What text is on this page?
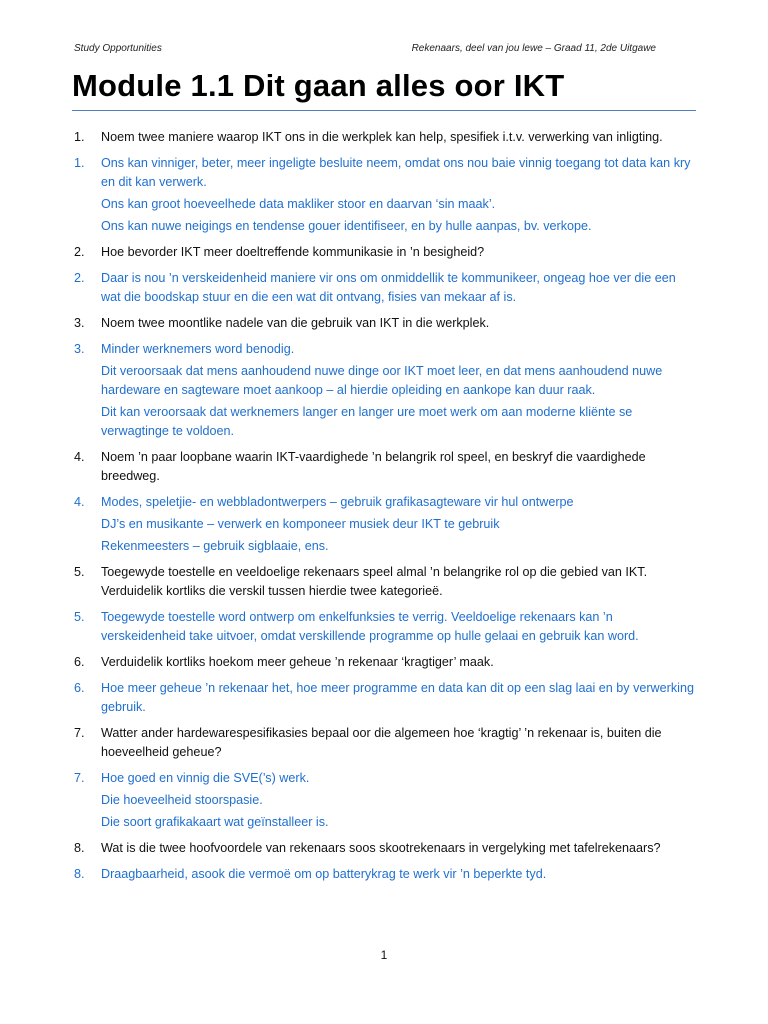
Study Opportunities	Rekenaars, deel van jou lewe – Graad 11, 2de Uitgawe
Module 1.1 Dit gaan alles oor IKT
1.	Noem twee maniere waarop IKT ons in die werkplek kan help, spesifiek i.t.v. verwerking van inligting.

1.	Ons kan vinniger, beter, meer ingeligte besluite neem, omdat ons nou baie vinnig toegang tot data kan kry en dit kan verwerk.

Ons kan groot hoeveelhede data makliker stoor en daarvan ‘sin maak’.

Ons kan nuwe neigings en tendense gouer identifiseer, en by hulle aanpas, bv. verkope.

2.	Hoe bevorder IKT meer doeltreffende kommunikasie in ’n besigheid?

2.	Daar is nou ’n verskeidenheid maniere vir ons om onmiddellik te kommunikeer, ongeag hoe ver die een wat die boodskap stuur en die een wat dit ontvang, fisies van mekaar af is.

3.	Noem twee moontlike nadele van die gebruik van IKT in die werkplek.

3.	Minder werknemers word benodig.

Dit veroorsaak dat mens aanhoudend nuwe dinge oor IKT moet leer, en dat mens aanhoudend nuwe hardeware en sagteware moet aankoop – al hierdie opleiding en aankope kan duur raak.

Dit kan veroorsaak dat werknemers langer en langer ure moet werk om aan moderne kliënte se verwagtinge te voldoen.

4.	Noem ’n paar loopbane waarin IKT-vaardighede ’n belangrik rol speel, en beskryf die vaardighede breedweg.

4.	Modes, speletjie- en webbladontwerpers – gebruik grafikasagteware vir hul ontwerpe

DJ’s en musikante – verwerk en komponeer musiek deur IKT te gebruik

Rekenmeesters – gebruik sigblaaie, ens.

5.	Toegewyde toestelle en veeldoelige rekenaars speel almal ’n belangrike rol op die gebied van IKT. Verduidelik kortliks die verskil tussen hierdie twee kategorieë.

5.	Toegewyde toestelle word ontwerp om enkelfunksies te verrig. Veeldoelige rekenaars kan ’n verskeidenheid take uitvoer, omdat verskillende programme op hulle gelaai en gebruik kan word.

6.	Verduidelik kortliks hoekom meer geheue ’n rekenaar ‘kragtiger’ maak.

6.	Hoe meer geheue ’n rekenaar het, hoe meer programme en data kan dit op een slag laai en by verwerking gebruik.

7.	Watter ander hardewarespesifikasies bepaal oor die algemeen hoe ‘kragtig’ ’n rekenaar is, buiten die hoeveelheid geheue?

7.	Hoe goed en vinnig die SVE(’s) werk.

Die hoeveelheid stoorspasie.

Die soort grafikakaart wat geïnstalleer is.

8.	Wat is die twee hoofvoordele van rekenaars soos skootrekenaars in vergelyking met tafelrekenaars?

8.	Draagbaarheid, asook die vermoë om op batterykrag te werk vir ’n beperkte tyd.

1
